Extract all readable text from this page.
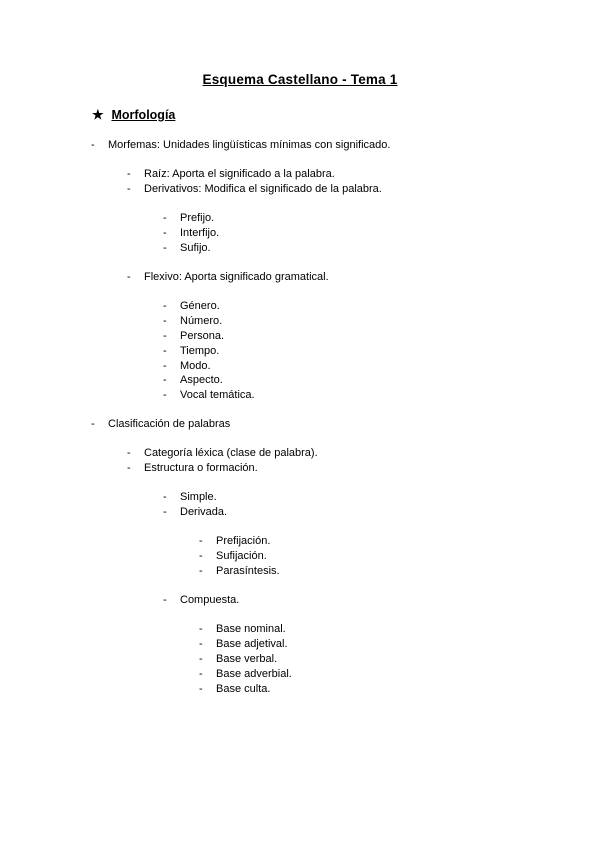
Esquema Castellano - Tema 1
★ Morfología
- Morfemas: Unidades lingüísticas mínimas con significado.
- Raíz: Aporta el significado a la palabra.
- Derivativos: Modifica el significado de la palabra.
- Prefijo.
- Interfijo.
- Sufijo.
- Flexivo: Aporta significado gramatical.
- Género.
- Número.
- Persona.
- Tiempo.
- Modo.
- Aspecto.
- Vocal temática.
- Clasificación de palabras
- Categoría léxica (clase de palabra).
- Estructura o formación.
- Simple.
- Derivada.
- Prefijación.
- Sufijación.
- Parasíntesis.
- Compuesta.
- Base nominal.
- Base adjetival.
- Base verbal.
- Base adverbial.
- Base culta.
